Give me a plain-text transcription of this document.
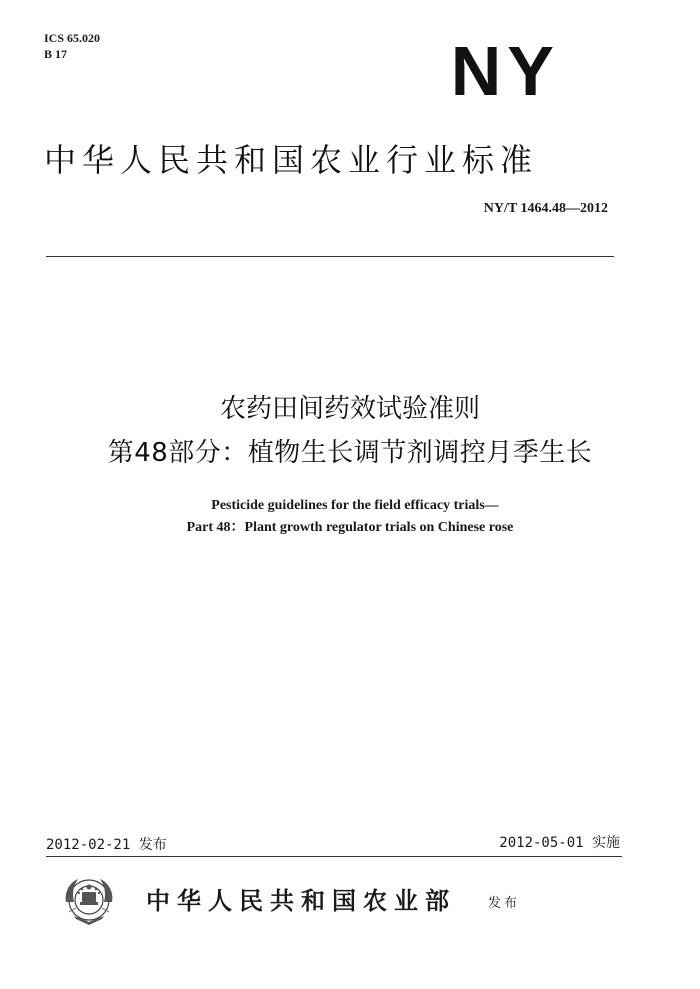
ICS 65.020
B 17	NY
中华人民共和国农业行业标准
NY/T 1464.48—2012
农药田间药效试验准则
第48部分：植物生长调节剂调控月季生长
Pesticide guidelines for the field efficacy trials—
Part 48：Plant growth regulator trials on Chinese rose
2012-02-21 发布	2012-05-01 实施
中华人民共和国农业部 发布
